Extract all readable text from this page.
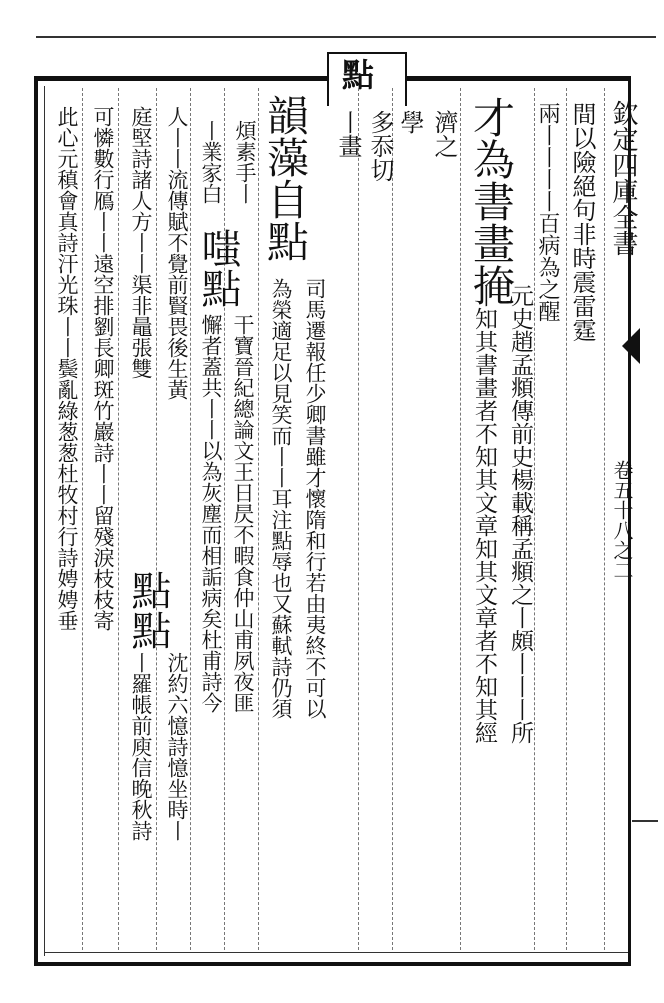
點
欽定四庫全書
卷五十八之二
間以險絕句非時震雷霆
兩丨丨丨丨百病為之醒
才為書畫掩
丨知其書畫者不知其文章知其文章者不知其經 元史趙孟頫傳前史楊載稱孟頫之丨頗丨丨丨所
濟之
學
多忝切
丨畫
韻藻自點
司馬遷報任少卿書雖才懷隋和行若由夷終不可以
為榮適足以見笑而丨丨耳注點辱也又蘇軾詩仍須
煩素手丨
丨業家白
嗤點
干寶晉紀總論文王日昃不暇食仲山甫夙夜匪
懈者蓋共丨丨以為灰塵而相詬病矣杜甫詩今
人丨丨流傳賦不覺前賢畏後生黃
庭堅詩諸人方丨丨渠非鼂張雙
點點
沈約六憶詩憶坐時丨
丨羅帳前庾信晚秋詩
可憐數行鴈丨丨遠空排劉長卿斑竹巖詩丨丨留殘淚枝枝寄
此心元稹會真詩汗光珠丨丨鬓亂綠葱葱杜牧村行詩娉娉垂
